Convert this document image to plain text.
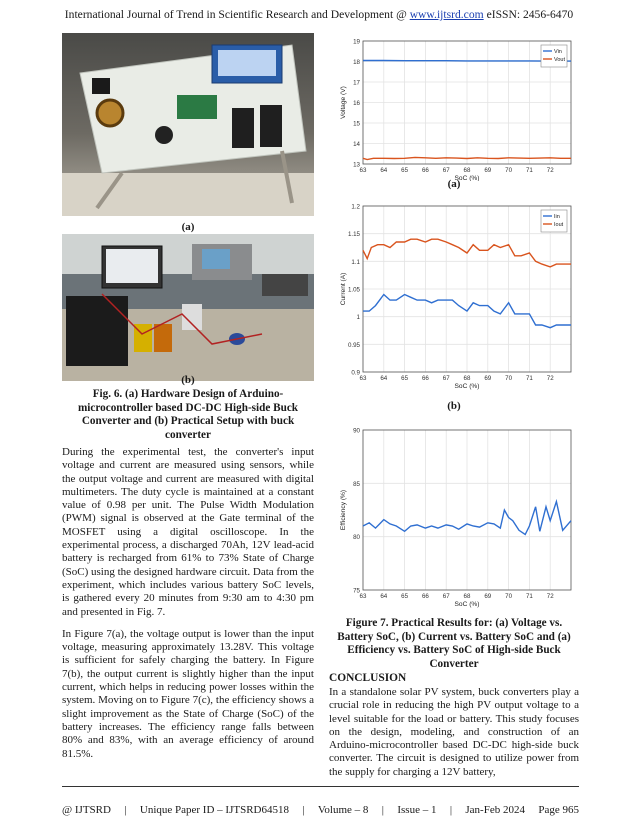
International Journal of Trend in Scientific Research and Development @ www.ijtsrd.com eISSN: 2456-6470
(a)
(b)
Fig. 6. (a) Hardware Design of Arduino-microcontroller based DC-DC High-side Buck Converter and (b) Practical Setup with buck converter

During the experimental test, the converter's input voltage and current are measured using sensors, while the output voltage and current are measured with digital multimeters. The duty cycle is maintained at a constant value of 0.98 per unit. The Pulse Width Modulation (PWM) signal is observed at the Gate terminal of the MOSFET using a digital oscilloscope. In the experimental process, a discharged 70Ah, 12V lead-acid battery is recharged from 61% to 73% State of Charge (SoC) using the designed hardware circuit. Data from the experiment, which includes various battery SoC levels, is gathered every 20 minutes from 9:30 am to 4:30 pm and presented in Fig. 7.

In Figure 7(a), the voltage output is lower than the input voltage, measuring approximately 13.28V. This voltage is sufficient for safely charging the battery. In Figure 7(b), the output current is slightly higher than the input current, which helps in reducing power losses within the system. Moving on to Figure 7(c), the efficiency shows a slight improvement as the State of Charge (SoC) of the battery increases. The efficiency range falls between 80% and 83%, with an average efficiency of around 81.5%.

13
14
15
16
17
18
19
63 64 65 66 67 68 69 70 71 72
SoC (%)
Voltage (V)
Vin
Vout
(a)
0.9
0.95
1
1.05
1.1
1.15
1.2
63 64 65 66 67 68 69 70 71 72
SoC (%)
Current (A)
Iin
Iout
(b)
75
80
85
90
63 64 65 66 67 68 69 70 71 72
SoC (%)
Efficiency (%)
Figure 7. Practical Results for: (a) Voltage vs. Battery SoC, (b) Current vs. Battery SoC and (a) Efficiency vs. Battery SoC of High-side Buck Converter
CONCLUSION
In a standalone solar PV system, buck converters play a crucial role in reducing the high PV output voltage to a level suitable for the load or battery. This study focuses on the design, modeling, and construction of an Arduino-microcontroller based DC-DC high-side buck converter. The circuit is designed to utilize power from the supply for charging a 12V battery,
@ IJTSRD | Unique Paper ID – IJTSRD64518 | Volume – 8 | Issue – 1 | Jan-Feb 2024 Page 965
